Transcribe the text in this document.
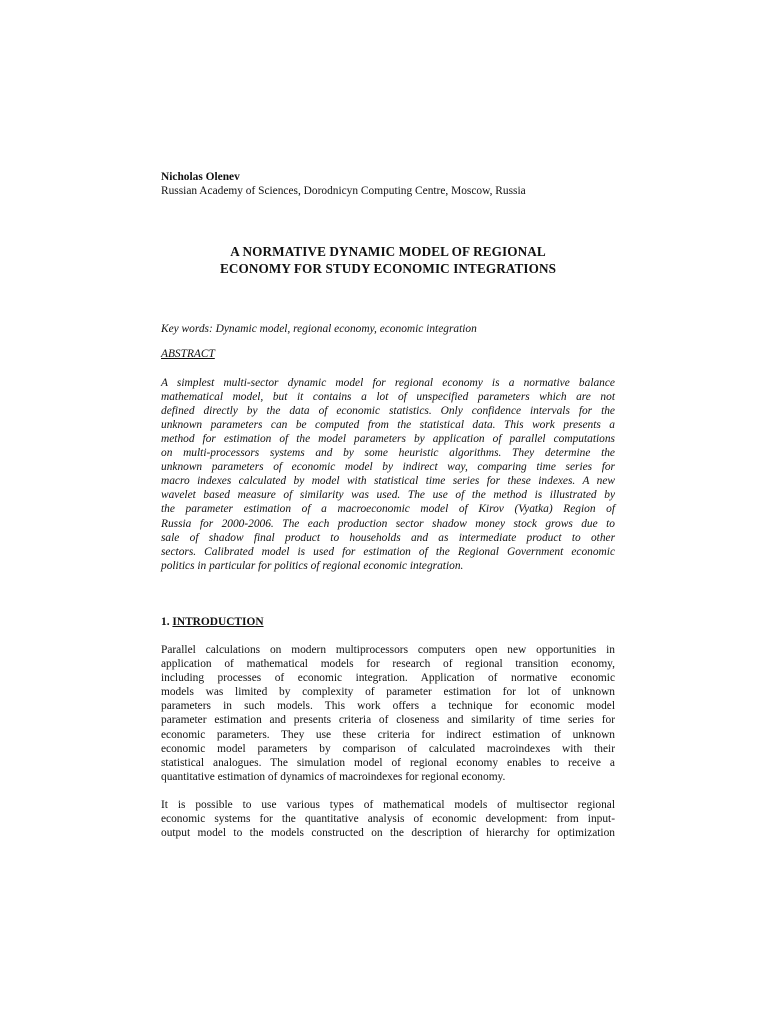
Nicholas Olenev

Russian Academy of Sciences, Dorodnicyn Computing Centre, Moscow, Russia

A NORMATIVE DYNAMIC MODEL OF REGIONAL
ECONOMY FOR STUDY ECONOMIC INTEGRATIONS

Key words: Dynamic model, regional economy, economic integration

ABSTRACT

A simplest multi-sector dynamic model for regional economy is a normative balance
mathematical model, but it contains a lot of unspecified parameters which are not
defined directly by the data of economic statistics. Only confidence intervals for the
unknown parameters can be computed from the statistical data. This work presents a
method for estimation of the model parameters by application of parallel computations
on multi-processors systems and by some heuristic algorithms. They determine the
unknown parameters of economic model by indirect way, comparing time series for
macro indexes calculated by model with statistical time series for these indexes. A new
wavelet based measure of similarity was used. The use of the method is illustrated by
the parameter estimation of a macroeconomic model of Kirov (Vyatka) Region of
Russia for 2000-2006. The each production sector shadow money stock grows due to
sale of shadow final product to households and as intermediate product to other
sectors. Calibrated model is used for estimation of the Regional Government economic
politics in particular for politics of regional economic integration.

1. INTRODUCTION

Parallel calculations on modern multiprocessors computers open new opportunities in
application of mathematical models for research of regional transition economy,
including processes of economic integration. Application of normative economic
models was limited by complexity of parameter estimation for lot of unknown
parameters in such models. This work offers a technique for economic model
parameter estimation and presents criteria of closeness and similarity of time series for
economic parameters. They use these criteria for indirect estimation of unknown
economic model parameters by comparison of calculated macroindexes with their
statistical analogues. The simulation model of regional economy enables to receive a
quantitative estimation of dynamics of macroindexes for regional economy.

It is possible to use various types of mathematical models of multisector regional
economic systems for the quantitative analysis of economic development: from input-
output model to the models constructed on the description of hierarchy for optimization
